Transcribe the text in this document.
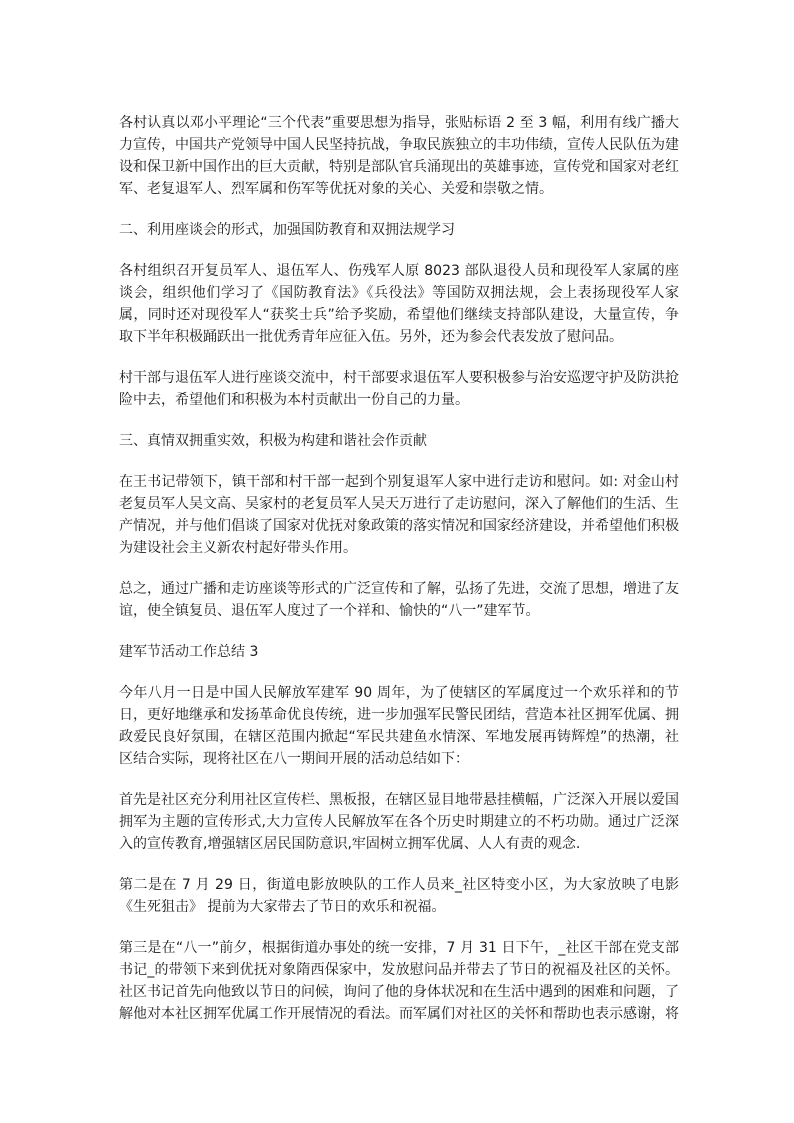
各村认真以邓小平理论“三个代表”重要思想为指导，张贴标语 2 至 3 幅，利用有线广播大力宣传，中国共产党领导中国人民坚持抗战，争取民族独立的丰功伟绩，宣传人民队伍为建设和保卫新中国作出的巨大贡献，特别是部队官兵涌现出的英雄事迹，宣传党和国家对老红军、老复退军人、烈军属和伤军等优抚对象的关心、关爱和崇敬之情。

二、利用座谈会的形式，加强国防教育和双拥法规学习

各村组织召开复员军人、退伍军人、伤残军人原 8023 部队退役人员和现役军人家属的座谈会，组织他们学习了《国防教育法》《兵役法》等国防双拥法规，会上表扬现役军人家属，同时还对现役军人“获奖士兵”给予奖励，希望他们继续支持部队建设，大量宣传，争取下半年积极踊跃出一批优秀青年应征入伍。另外，还为参会代表发放了慰问品。

村干部与退伍军人进行座谈交流中，村干部要求退伍军人要积极参与治安巡逻守护及防洪抢险中去，希望他们和积极为本村贡献出一份自己的力量。

三、真情双拥重实效，积极为构建和谐社会作贡献

在王书记带领下，镇干部和村干部一起到个别复退军人家中进行走访和慰问。如: 对金山村老复员军人吴文高、吴家村的老复员军人吴天万进行了走访慰问，深入了解他们的生活、生产情况，并与他们倡谈了国家对优抚对象政策的落实情况和国家经济建设，并希望他们积极为建设社会主义新农村起好带头作用。

总之，通过广播和走访座谈等形式的广泛宣传和了解，弘扬了先进，交流了思想，增进了友谊，使全镇复员、退伍军人度过了一个祥和、愉快的“八一”建军节。

建军节活动工作总结 3

今年八月一日是中国人民解放军建军 90 周年，为了使辖区的军属度过一个欢乐祥和的节日，更好地继承和发扬革命优良传统，进一步加强军民警民团结，营造本社区拥军优属、拥政爱民良好氛围，在辖区范围内掀起“军民共建鱼水情深、军地发展再铸辉煌”的热潮，社区结合实际，现将社区在八一期间开展的活动总结如下：

首先是社区充分利用社区宣传栏、黑板报，在辖区显目地带悬挂横幅，广泛深入开展以爱国拥军为主题的宣传形式,大力宣传人民解放军在各个历史时期建立的不朽功勋。通过广泛深入的宣传教育,增强辖区居民国防意识,牢固树立拥军优属、人人有责的观念.

第二是在 7 月 29 日，街道电影放映队的工作人员来_社区特变小区，为大家放映了电影《生死狙击》 提前为大家带去了节日的欢乐和祝福。

第三是在“八一”前夕，根据街道办事处的统一安排，7 月 31 日下午，_社区干部在党支部书记_的带领下来到优抚对象隋西保家中，发放慰问品并带去了节日的祝福及社区的关怀。社区书记首先向他致以节日的问候，询问了他的身体状况和在生活中遇到的困难和问题，了解他对本社区拥军优属工作开展情况的看法。而军属们对社区的关怀和帮助也表示感谢，将
